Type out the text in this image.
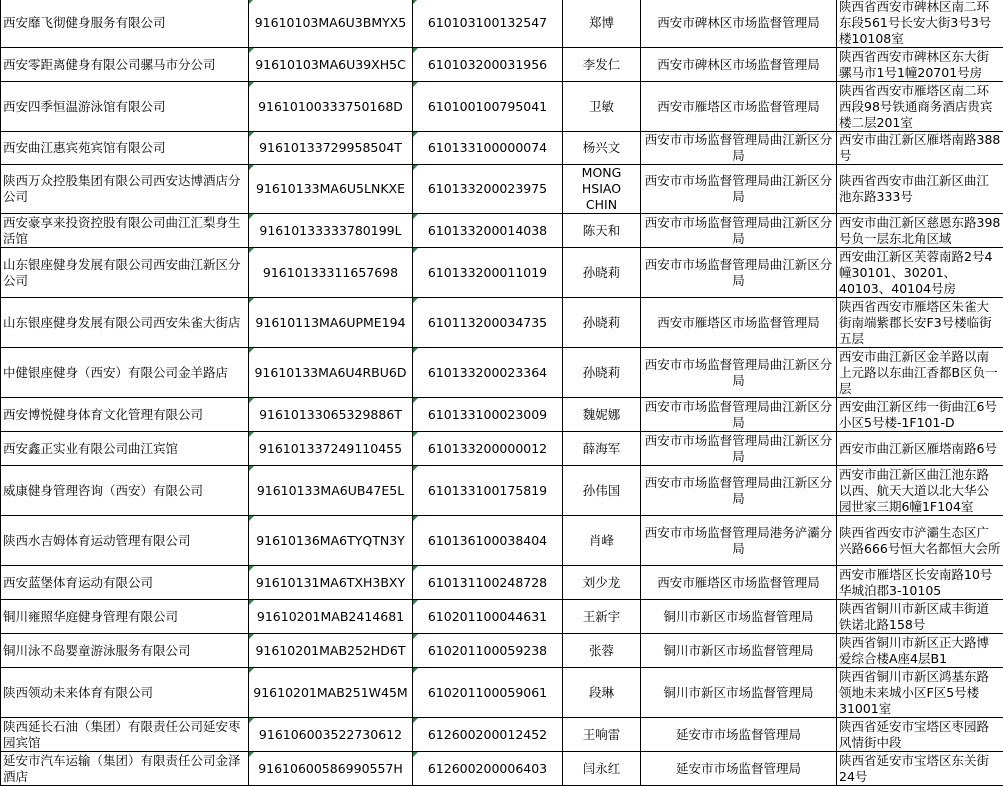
西安靡飞彻健身服务有限公司	91610103MA6U3BMYX5	610103100132547	郑博	西安市碑林区市场监督管理局	陕西省西安市碑林区南二环东段561号长安大街3号3号楼10108室
西安零距离健身有限公司骡马市分公司	91610103MA6U39XH5C	610103200031956	李发仁	西安市碑林区市场监督管理局	陕西省西安市碑林区东大街骡马市1号1幢20701号房
西安四季恒温游泳馆有限公司	91610100333750168D	610100100795041	卫敏	西安市雁塔区市场监督管理局	陕西省西安市雁塔区南二环西段98号铁通商务酒店贵宾楼二层201室
西安曲江惠宾苑宾馆有限公司	91610133729958504T	610133100000074	杨兴文	西安市市场监督管理局曲江新区分局	西安市曲江新区雁塔南路388号
陕西万众控股集团有限公司西安达博酒店分公司	91610133MA6U5LNKXE	610133200023975	MONG HSIAO CHIN	西安市市场监督管理局曲江新区分局	陕西省西安市曲江新区曲江池东路333号
西安豪享来投资控股有限公司曲江汇梨身生活馆	91610133333780199L	610133200014038	陈天和	西安市市场监督管理局曲江新区分局	西安市曲江新区慈恩东路398号负一层东北角区域
山东银座健身发展有限公司西安曲江新区分公司	91610133311657698	610133200011019	孙晓莉	西安市市场监督管理局曲江新区分局	西安曲江新区芙蓉南路2号4幢30101、30201、40103、40104号房
山东银座健身发展有限公司西安朱雀大街店	91610113MA6UPME194	610113200034735	孙晓莉	西安市雁塔区市场监督管理局	陕西省西安市雁塔区朱雀大街南端紫郡长安F3号楼临街五层
中健银座健身（西安）有限公司金羊路店	91610133MA6U4RBU6D	610133200023364	孙晓莉	西安市市场监督管理局曲江新区分局	西安市曲江新区金羊路以南上元路以东曲江香都B区负一层
西安博悦健身体育文化管理有限公司	91610133065329886T	610133100023009	魏妮娜	西安市市场监督管理局曲江新区分局	西安曲江新区纬一街曲江6号小区5号楼-1F101-D
西安鑫正实业有限公司曲江宾馆	91610133724911045​5	610133200000012	薛海军	西安市市场监督管理局曲江新区分局	西安市曲江新区雁塔南路6号
威康健身管理咨询（西安）有限公司	91610133MA6UB47E5L	610133100175819	孙伟国	西安市市场监督管理局曲江新区分局	西安市曲江新区曲江池东路以西、航天大道以北大华公园世家三期6幢1F104室
陕西水吉姆体育运动管理有限公司	91610136MA6TYQTN3Y	610136100038404	肖峰	西安市市场监督管理局港务浐灞分局	陕西省西安市浐灞生态区广兴路666号恒大名都恒大会所
西安蓝堡体育运动有限公司	91610131MA6TXH3BXY	610131100248728	刘少龙	西安市雁塔区市场监督管理局	西安市雁塔区长安南路10号华城泊郡3-10105
铜川雍照华庭健身管理有限公司	91610201MAB2414681	610201100044631	王新宇	铜川市新区市场监督管理局	陕西省铜川市新区咸丰街道铁诺北路158号
铜川泳不岛婴童游泳服务有限公司	91610201MAB252HD6T	610201100059238	张蓉	铜川市新区市场监督管理局	陕西省铜川市新区正大路博爱综合楼A座4层B1
陕西领动未来体育有限公司	91610201MAB251W45M	610201100059061	段琳	铜川市新区市场监督管理局	陕西省铜川市新区鸿基东路领地未来城小区F区5号楼31001室
陕西延长石油（集团）有限责任公司延安枣园宾馆	91610600352273061​2	612600200012452	王响雷	延安市市场监督管理局	陕西省延安市宝塔区枣园路风情街中段
延安市汽车运输（集团）有限责任公司金泽酒店	91610600586990557H	612600200006403	闫永红	延安市市场监督管理局	陕西省延安市宝塔区东关街24号
